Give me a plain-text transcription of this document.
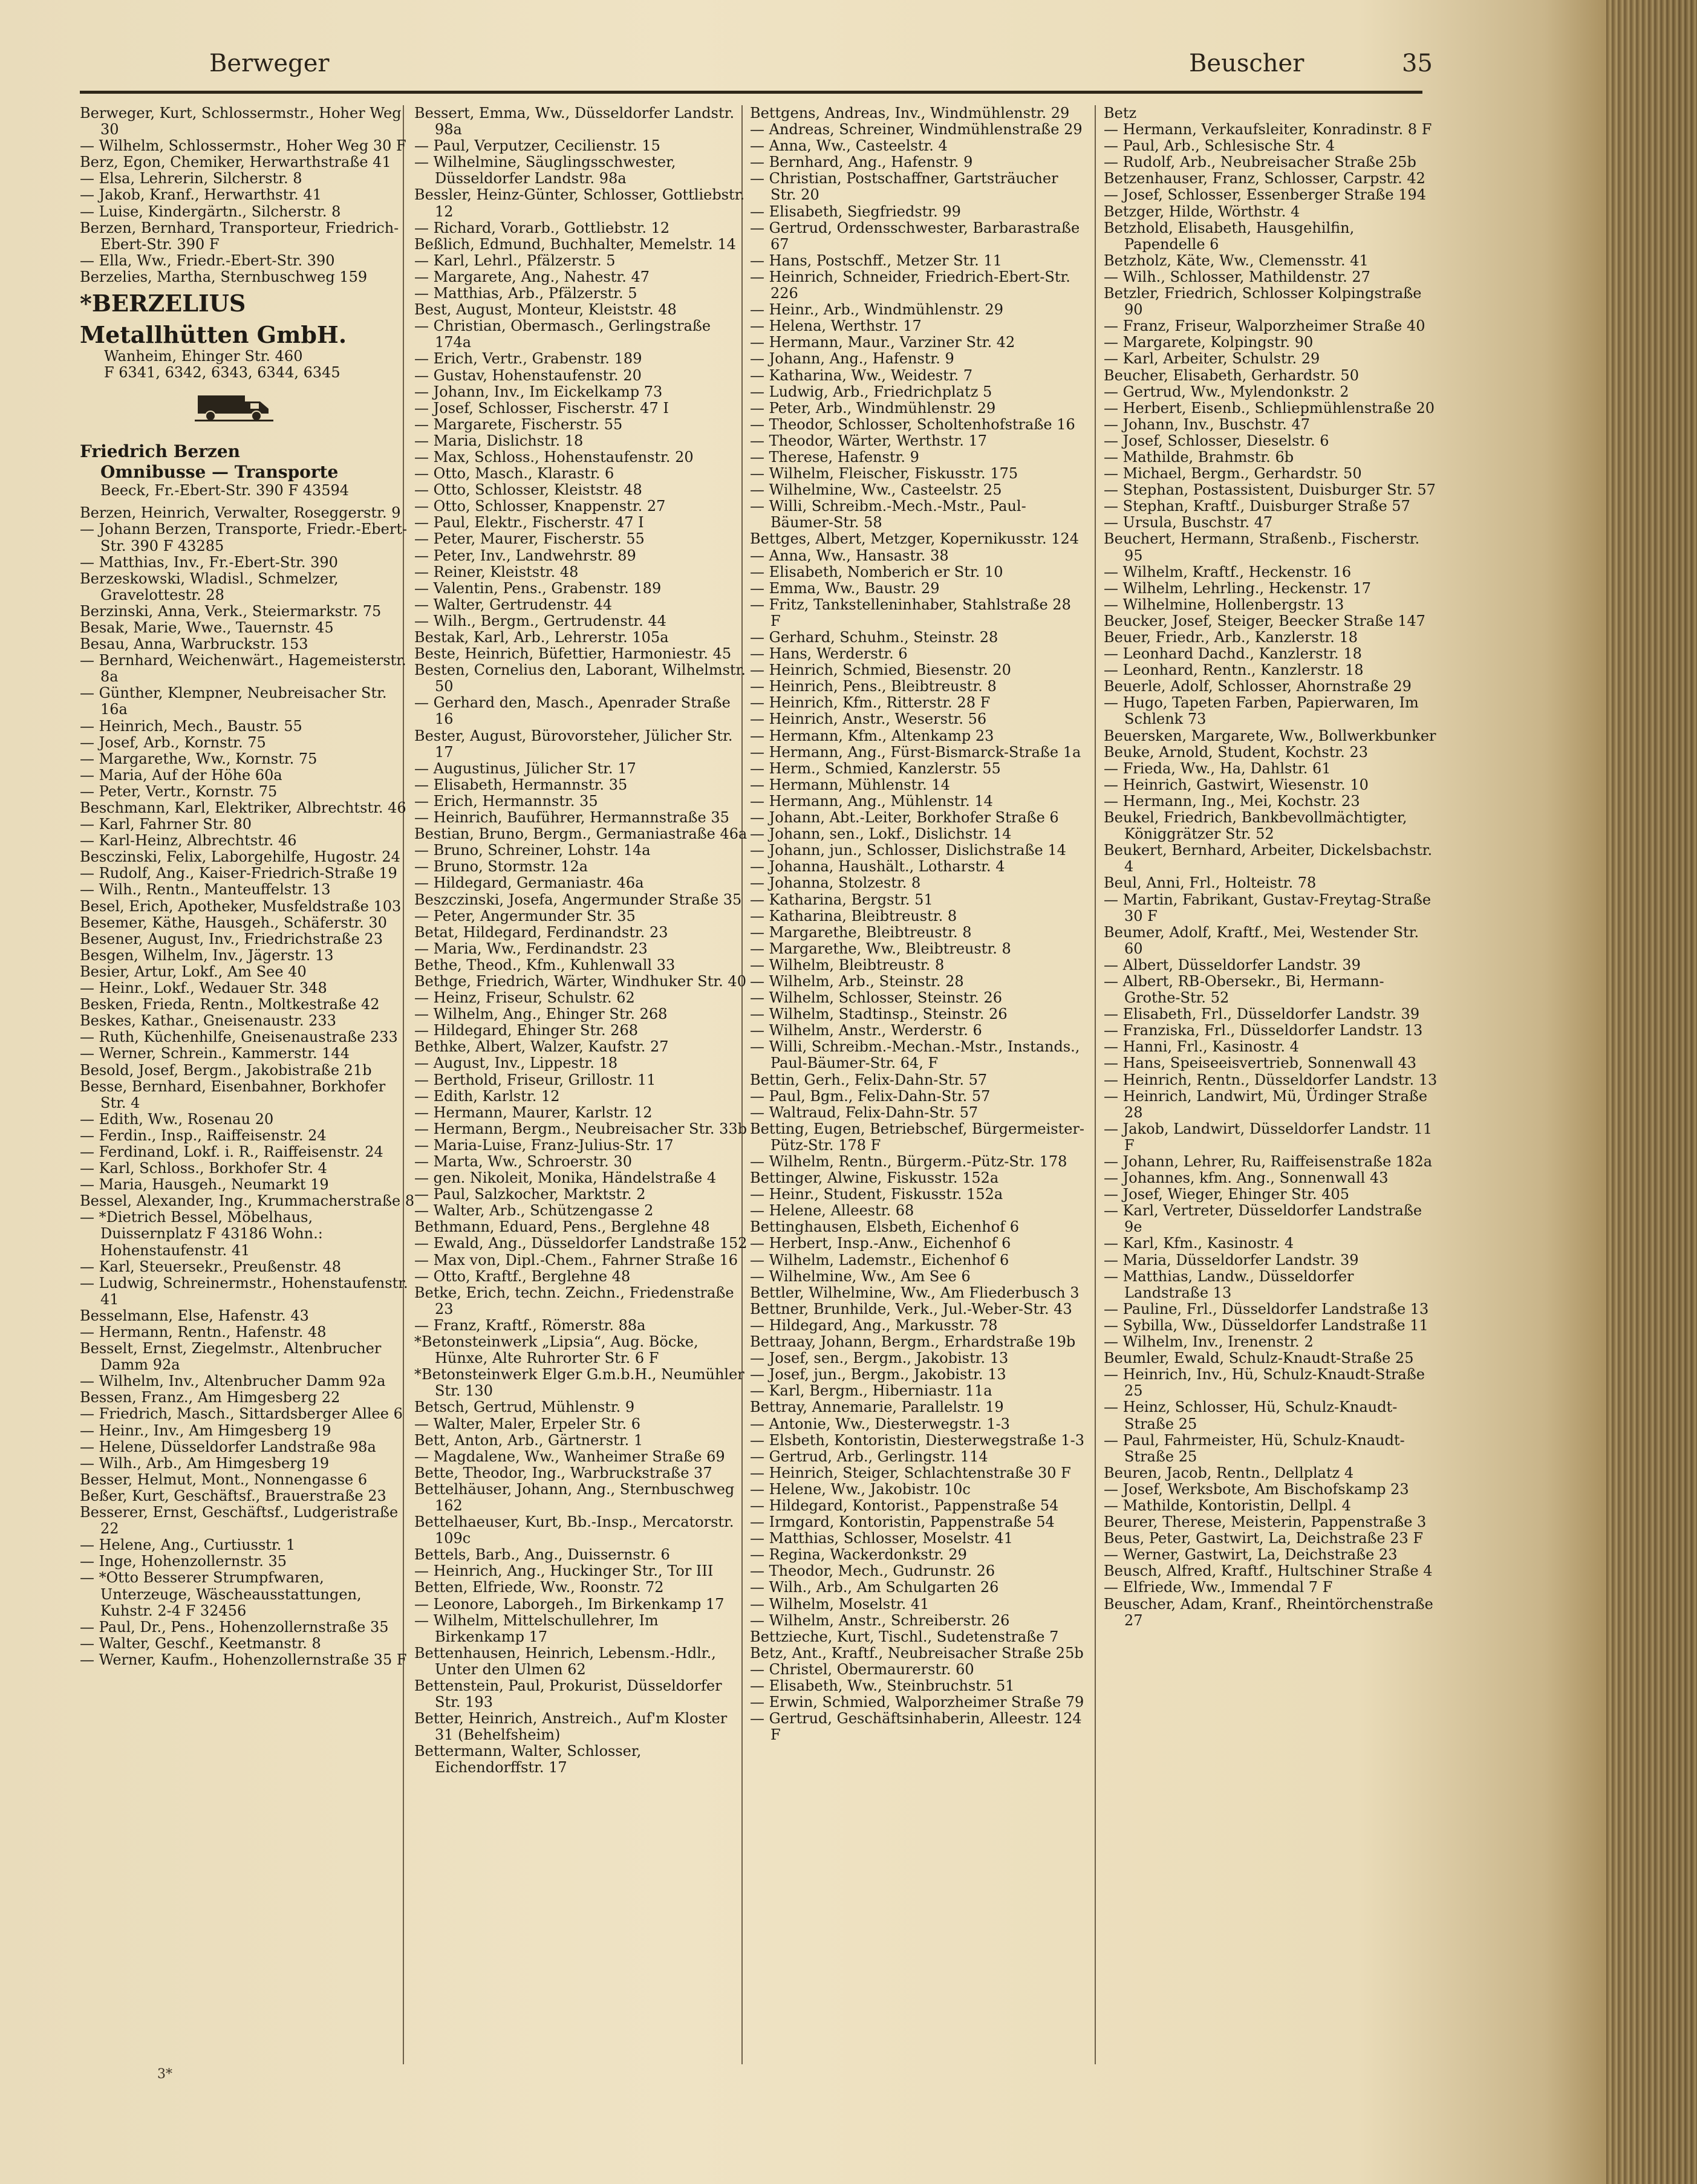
Berweger	Beuscher	35
Berweger, Kurt, Schlossermstr., Hoher Weg 30
— Wilhelm, Schlossermstr., Hoher Weg 30 F
Berz, Egon, Chemiker, Herwarthstraße 41
— Elsa, Lehrerin, Silcherstr. 8
— Jakob, Kranf., Herwarthstr. 41
— Luise, Kindergärtn., Silcherstr. 8
Berzen, Bernhard, Transporteur, Friedrich-Ebert-Str. 390 F
— Ella, Ww., Friedr.-Ebert-Str. 390
Berzelies, Martha, Sternbuschweg 159
*BERZELIUS
Metallhütten GmbH.
Wanheim, Ehinger Str. 460
F 6341, 6342, 6343, 6344, 6345
Friedrich Berzen
Omnibusse — Transporte
Beeck, Fr.-Ebert-Str. 390 F 43594
Berzen, Heinrich, Verwalter, Roseggerstr. 9
— Johann Berzen, Transporte, Friedr.-Ebert-Str. 390 F 43285
— Matthias, Inv., Fr.-Ebert-Str. 390
Berzeskowski, Wladisl., Schmelzer, Gravelottestr. 28
Berzinski, Anna, Verk., Steiermarkstr. 75
Besak, Marie, Wwe., Tauernstr. 45
Besau, Anna, Warbruckstr. 153
— Bernhard, Weichenwärt., Hagemeisterstr. 8a
— Günther, Klempner, Neubreisacher Str. 16a
— Heinrich, Mech., Baustr. 55
— Josef, Arb., Kornstr. 75
— Margarethe, Ww., Kornstr. 75
— Maria, Auf der Höhe 60a
— Peter, Vertr., Kornstr. 75
Beschmann, Karl, Elektriker, Albrechtstr. 46
— Karl, Fahrner Str. 80
— Karl-Heinz, Albrechtstr. 46
Besczinski, Felix, Laborgehilfe, Hugostr. 24
— Rudolf, Ang., Kaiser-Friedrich-Straße 19
— Wilh., Rentn., Manteuffelstr. 13
Besel, Erich, Apotheker, Musfeldstraße 103
Besemer, Käthe, Hausgeh., Schäferstr. 30
Besener, August, Inv., Friedrichstraße 23
Besgen, Wilhelm, Inv., Jägerstr. 13
Besier, Artur, Lokf., Am See 40
— Heinr., Lokf., Wedauer Str. 348
Besken, Frieda, Rentn., Moltkestraße 42
Beskes, Kathar., Gneisenaustr. 233
— Ruth, Küchenhilfe, Gneisenaustraße 233
— Werner, Schrein., Kammerstr. 144
Besold, Josef, Bergm., Jakobistraße 21b
Besse, Bernhard, Eisenbahner, Borkhofer Str. 4
— Edith, Ww., Rosenau 20
— Ferdin., Insp., Raiffeisenstr. 24
— Ferdinand, Lokf. i. R., Raiffeisenstr. 24
— Karl, Schloss., Borkhofer Str. 4
— Maria, Hausgeh., Neumarkt 19
Bessel, Alexander, Ing., Krummacherstraße 8
— *Dietrich Bessel, Möbelhaus, Duissernplatz F 43186 Wohn.: Hohenstaufenstr. 41
— Karl, Steuersekr., Preußenstr. 48
— Ludwig, Schreinermstr., Hohenstaufenstr. 41
Besselmann, Else, Hafenstr. 43
— Hermann, Rentn., Hafenstr. 48
Besselt, Ernst, Ziegelmstr., Altenbrucher Damm 92a
— Wilhelm, Inv., Altenbrucher Damm 92a
Bessen, Franz., Am Himgesberg 22
— Friedrich, Masch., Sittardsberger Allee 6
— Heinr., Inv., Am Himgesberg 19
— Helene, Düsseldorfer Landstraße 98a
— Wilh., Arb., Am Himgesberg 19
Besser, Helmut, Mont., Nonnengasse 6
Beßer, Kurt, Geschäftsf., Brauerstraße 23
Besserer, Ernst, Geschäftsf., Ludgeristraße 22
— Helene, Ang., Curtiusstr. 1
— Inge, Hohenzollernstr. 35
— *Otto Besserer Strumpfwaren, Unterzeuge, Wäscheausstattungen, Kuhstr. 2-4 F 32456
— Paul, Dr., Pens., Hohenzollernstraße 35
— Walter, Geschf., Keetmanstr. 8
— Werner, Kaufm., Hohenzollernstraße 35 F
Bessert, Emma, Ww., Düsseldorfer Landstr. 98a
— Paul, Verputzer, Cecilienstr. 15
— Wilhelmine, Säuglingsschwester, Düsseldorfer Landstr. 98a
Bessler, Heinz-Günter, Schlosser, Gottliebstr. 12
— Richard, Vorarb., Gottliebstr. 12
Beßlich, Edmund, Buchhalter, Memelstr. 14
— Karl, Lehrl., Pfälzerstr. 5
— Margarete, Ang., Nahestr. 47
— Matthias, Arb., Pfälzerstr. 5
Best, August, Monteur, Kleiststr. 48
— Christian, Obermasch., Gerlingstraße 174a
— Erich, Vertr., Grabenstr. 189
— Gustav, Hohenstaufenstr. 20
— Johann, Inv., Im Eickelkamp 73
— Josef, Schlosser, Fischerstr. 47 I
— Margarete, Fischerstr. 55
— Maria, Dislichstr. 18
— Max, Schloss., Hohenstaufenstr. 20
— Otto, Masch., Klarastr. 6
— Otto, Schlosser, Kleiststr. 48
— Otto, Schlosser, Knappenstr. 27
— Paul, Elektr., Fischerstr. 47 I
— Peter, Maurer, Fischerstr. 55
— Peter, Inv., Landwehrstr. 89
— Reiner, Kleiststr. 48
— Valentin, Pens., Grabenstr. 189
— Walter, Gertrudenstr. 44
— Wilh., Bergm., Gertrudenstr. 44
Bestak, Karl, Arb., Lehrerstr. 105a
Beste, Heinrich, Büfettier, Harmoniestr. 45
Besten, Cornelius den, Laborant, Wilhelmstr. 50
— Gerhard den, Masch., Apenrader Straße 16
Bester, August, Bürovorsteher, Jülicher Str. 17
— Augustinus, Jülicher Str. 17
— Elisabeth, Hermannstr. 35
— Erich, Hermannstr. 35
— Heinrich, Bauführer, Hermannstraße 35
Bestian, Bruno, Bergm., Germaniastraße 46a
— Bruno, Schreiner, Lohstr. 14a
— Bruno, Stormstr. 12a
— Hildegard, Germaniastr. 46a
Beszczinski, Josefa, Angermunder Straße 35
— Peter, Angermunder Str. 35
Betat, Hildegard, Ferdinandstr. 23
— Maria, Ww., Ferdinandstr. 23
Bethe, Theod., Kfm., Kuhlenwall 33
Bethge, Friedrich, Wärter, Windhuker Str. 40
— Heinz, Friseur, Schulstr. 62
— Wilhelm, Ang., Ehinger Str. 268
— Hildegard, Ehinger Str. 268
Bethke, Albert, Walzer, Kaufstr. 27
— August, Inv., Lippestr. 18
— Berthold, Friseur, Grillostr. 11
— Edith, Karlstr. 12
— Hermann, Maurer, Karlstr. 12
— Hermann, Bergm., Neubreisacher Str. 33b
— Maria-Luise, Franz-Julius-Str. 17
— Marta, Ww., Schroerstr. 30
— gen. Nikoleit, Monika, Händelstraße 4
— Paul, Salzkocher, Marktstr. 2
— Walter, Arb., Schützengasse 2
Bethmann, Eduard, Pens., Berglehne 48
— Ewald, Ang., Düsseldorfer Landstraße 152
— Max von, Dipl.-Chem., Fahrner Straße 16
— Otto, Kraftf., Berglehne 48
Betke, Erich, techn. Zeichn., Friedenstraße 23
— Franz, Kraftf., Römerstr. 88a
*Betonsteinwerk „Lipsia“, Aug. Böcke, Hünxe, Alte Ruhrorter Str. 6 F
*Betonsteinwerk Elger G.m.b.H., Neumühler Str. 130
Betsch, Gertrud, Mühlenstr. 9
— Walter, Maler, Erpeler Str. 6
Bett, Anton, Arb., Gärtnerstr. 1
— Magdalene, Ww., Wanheimer Straße 69
Bette, Theodor, Ing., Warbruckstraße 37
Bettelhäuser, Johann, Ang., Sternbuschweg 162
Bettelhaeuser, Kurt, Bb.-Insp., Mercatorstr. 109c
Bettels, Barb., Ang., Duissernstr. 6
— Heinrich, Ang., Huckinger Str., Tor III
Betten, Elfriede, Ww., Roonstr. 72
— Leonore, Laborgeh., Im Birkenkamp 17
— Wilhelm, Mittelschullehrer, Im Birkenkamp 17
Bettenhausen, Heinrich, Lebensm.-Hdlr., Unter den Ulmen 62
Bettenstein, Paul, Prokurist, Düsseldorfer Str. 193
Better, Heinrich, Anstreich., Auf'm Kloster 31 (Behelfsheim)
Bettermann, Walter, Schlosser, Eichendorffstr. 17
Bettgens, Andreas, Inv., Windmühlenstr. 29
— Andreas, Schreiner, Windmühlenstraße 29
— Anna, Ww., Casteelstr. 4
— Bernhard, Ang., Hafenstr. 9
— Christian, Postschaffner, Gartsträucher Str. 20
— Elisabeth, Siegfriedstr. 99
— Gertrud, Ordensschwester, Barbarastraße 67
— Hans, Postschff., Metzer Str. 11
— Heinrich, Schneider, Friedrich-Ebert-Str. 226
— Heinr., Arb., Windmühlenstr. 29
— Helena, Werthstr. 17
— Hermann, Maur., Varziner Str. 42
— Johann, Ang., Hafenstr. 9
— Katharina, Ww., Weidestr. 7
— Ludwig, Arb., Friedrichplatz 5
— Peter, Arb., Windmühlenstr. 29
— Theodor, Schlosser, Scholtenhofstraße 16
— Theodor, Wärter, Werthstr. 17
— Therese, Hafenstr. 9
— Wilhelm, Fleischer, Fiskusstr. 175
— Wilhelmine, Ww., Casteelstr. 25
— Willi, Schreibm.-Mech.-Mstr., Paul-Bäumer-Str. 58
Bettges, Albert, Metzger, Kopernikusstr. 124
— Anna, Ww., Hansastr. 38
— Elisabeth, Nomberich er Str. 10
— Emma, Ww., Baustr. 29
— Fritz, Tankstelleninhaber, Stahlstraße 28 F
— Gerhard, Schuhm., Steinstr. 28
— Hans, Werderstr. 6
— Heinrich, Schmied, Biesenstr. 20
— Heinrich, Pens., Bleibtreustr. 8
— Heinrich, Kfm., Ritterstr. 28 F
— Heinrich, Anstr., Weserstr. 56
— Hermann, Kfm., Altenkamp 23
— Hermann, Ang., Fürst-Bismarck-Straße 1a
— Herm., Schmied, Kanzlerstr. 55
— Hermann, Mühlenstr. 14
— Hermann, Ang., Mühlenstr. 14
— Johann, Abt.-Leiter, Borkhofer Straße 6
— Johann, sen., Lokf., Dislichstr. 14
— Johann, jun., Schlosser, Dislichstraße 14
— Johanna, Haushält., Lotharstr. 4
— Johanna, Stolzestr. 8
— Katharina, Bergstr. 51
— Katharina, Bleibtreustr. 8
— Margarethe, Bleibtreustr. 8
— Margarethe, Ww., Bleibtreustr. 8
— Wilhelm, Bleibtreustr. 8
— Wilhelm, Arb., Steinstr. 28
— Wilhelm, Schlosser, Steinstr. 26
— Wilhelm, Stadtinsp., Steinstr. 26
— Wilhelm, Anstr., Werderstr. 6
— Willi, Schreibm.-Mechan.-Mstr., Instands., Paul-Bäumer-Str. 64, F
Bettin, Gerh., Felix-Dahn-Str. 57
— Paul, Bgm., Felix-Dahn-Str. 57
— Waltraud, Felix-Dahn-Str. 57
Betting, Eugen, Betriebschef, Bürgermeister-Pütz-Str. 178 F
— Wilhelm, Rentn., Bürgerm.-Pütz-Str. 178
Bettinger, Alwine, Fiskusstr. 152a
— Heinr., Student, Fiskusstr. 152a
— Helene, Alleestr. 68
Bettinghausen, Elsbeth, Eichenhof 6
— Herbert, Insp.-Anw., Eichenhof 6
— Wilhelm, Lademstr., Eichenhof 6
— Wilhelmine, Ww., Am See 6
Bettler, Wilhelmine, Ww., Am Fliederbusch 3
Bettner, Brunhilde, Verk., Jul.-Weber-Str. 43
— Hildegard, Ang., Markusstr. 78
Bettraay, Johann, Bergm., Erhardstraße 19b
— Josef, sen., Bergm., Jakobistr. 13
— Josef, jun., Bergm., Jakobistr. 13
— Karl, Bergm., Hiberniastr. 11a
Bettray, Annemarie, Parallelstr. 19
— Antonie, Ww., Diesterwegstr. 1-3
— Elsbeth, Kontoristin, Diesterwegstraße 1-3
— Gertrud, Arb., Gerlingstr. 114
— Heinrich, Steiger, Schlachtenstraße 30 F
— Helene, Ww., Jakobistr. 10c
— Hildegard, Kontorist., Pappenstraße 54
— Irmgard, Kontoristin, Pappenstraße 54
— Matthias, Schlosser, Moselstr. 41
— Regina, Wackerdonkstr. 29
— Theodor, Mech., Gudrunstr. 26
— Wilh., Arb., Am Schulgarten 26
— Wilhelm, Moselstr. 41
— Wilhelm, Anstr., Schreiberstr. 26
Bettzieche, Kurt, Tischl., Sudetenstraße 7
Betz, Ant., Kraftf., Neubreisacher Straße 25b
— Christel, Obermaurerstr. 60
— Elisabeth, Ww., Steinbruchstr. 51
— Erwin, Schmied, Walporzheimer Straße 79
— Gertrud, Geschäftsinhaberin, Alleestr. 124 F
Betz
— Hermann, Verkaufsleiter, Konradinstr. 8 F
— Paul, Arb., Schlesische Str. 4
— Rudolf, Arb., Neubreisacher Straße 25b
Betzenhauser, Franz, Schlosser, Carpstr. 42
— Josef, Schlosser, Essenberger Straße 194
Betzger, Hilde, Wörthstr. 4
Betzhold, Elisabeth, Hausgehilfin, Papendelle 6
Betzholz, Käte, Ww., Clemensstr. 41
— Wilh., Schlosser, Mathildenstr. 27
Betzler, Friedrich, Schlosser Kolpingstraße 90
— Franz, Friseur, Walporzheimer Straße 40
— Margarete, Kolpingstr. 90
— Karl, Arbeiter, Schulstr. 29
Beucher, Elisabeth, Gerhardstr. 50
— Gertrud, Ww., Mylendonkstr. 2
— Herbert, Eisenb., Schliepmühlenstraße 20
— Johann, Inv., Buschstr. 47
— Josef, Schlosser, Dieselstr. 6
— Mathilde, Brahmstr. 6b
— Michael, Bergm., Gerhardstr. 50
— Stephan, Postassistent, Duisburger Str. 57
— Stephan, Kraftf., Duisburger Straße 57
— Ursula, Buschstr. 47
Beuchert, Hermann, Straßenb., Fischerstr. 95
— Wilhelm, Kraftf., Heckenstr. 16
— Wilhelm, Lehrling., Heckenstr. 17
— Wilhelmine, Hollenbergstr. 13
Beucker, Josef, Steiger, Beecker Straße 147
Beuer, Friedr., Arb., Kanzlerstr. 18
— Leonhard Dachd., Kanzlerstr. 18
— Leonhard, Rentn., Kanzlerstr. 18
Beuerle, Adolf, Schlosser, Ahornstraße 29
— Hugo, Tapeten Farben, Papierwaren, Im Schlenk 73
Beuersken, Margarete, Ww., Bollwerkbunker
Beuke, Arnold, Student, Kochstr. 23
— Frieda, Ww., Ha, Dahlstr. 61
— Heinrich, Gastwirt, Wiesenstr. 10
— Hermann, Ing., Mei, Kochstr. 23
Beukel, Friedrich, Bankbevollmächtigter, Königgrätzer Str. 52
Beukert, Bernhard, Arbeiter, Dickelsbachstr. 4
Beul, Anni, Frl., Holteistr. 78
— Martin, Fabrikant, Gustav-Freytag-Straße 30 F
Beumer, Adolf, Kraftf., Mei, Westender Str. 60
— Albert, Düsseldorfer Landstr. 39
— Albert, RB-Obersekr., Bi, Hermann-Grothe-Str. 52
— Elisabeth, Frl., Düsseldorfer Landstr. 39
— Franziska, Frl., Düsseldorfer Landstr. 13
— Hanni, Frl., Kasinostr. 4
— Hans, Speiseeisvertrieb, Sonnenwall 43
— Heinrich, Rentn., Düsseldorfer Landstr. 13
— Heinrich, Landwirt, Mü, Ürdinger Straße 28
— Jakob, Landwirt, Düsseldorfer Landstr. 11 F
— Johann, Lehrer, Ru, Raiffeisenstraße 182a
— Johannes, kfm. Ang., Sonnenwall 43
— Josef, Wieger, Ehinger Str. 405
— Karl, Vertreter, Düsseldorfer Landstraße 9e
— Karl, Kfm., Kasinostr. 4
— Maria, Düsseldorfer Landstr. 39
— Matthias, Landw., Düsseldorfer Landstraße 13
— Pauline, Frl., Düsseldorfer Landstraße 13
— Sybilla, Ww., Düsseldorfer Landstraße 11
— Wilhelm, Inv., Irenenstr. 2
Beumler, Ewald, Schulz-Knaudt-Straße 25
— Heinrich, Inv., Hü, Schulz-Knaudt-Straße 25
— Heinz, Schlosser, Hü, Schulz-Knaudt-Straße 25
— Paul, Fahrmeister, Hü, Schulz-Knaudt-Straße 25
Beuren, Jacob, Rentn., Dellplatz 4
— Josef, Werksbote, Am Bischofskamp 23
— Mathilde, Kontoristin, Dellpl. 4
Beurer, Therese, Meisterin, Pappenstraße 3
Beus, Peter, Gastwirt, La, Deichstraße 23 F
— Werner, Gastwirt, La, Deichstraße 23
Beusch, Alfred, Kraftf., Hultschiner Straße 4
— Elfriede, Ww., Immendal 7 F
Beuscher, Adam, Kranf., Rheintörchenstraße 27
3*
